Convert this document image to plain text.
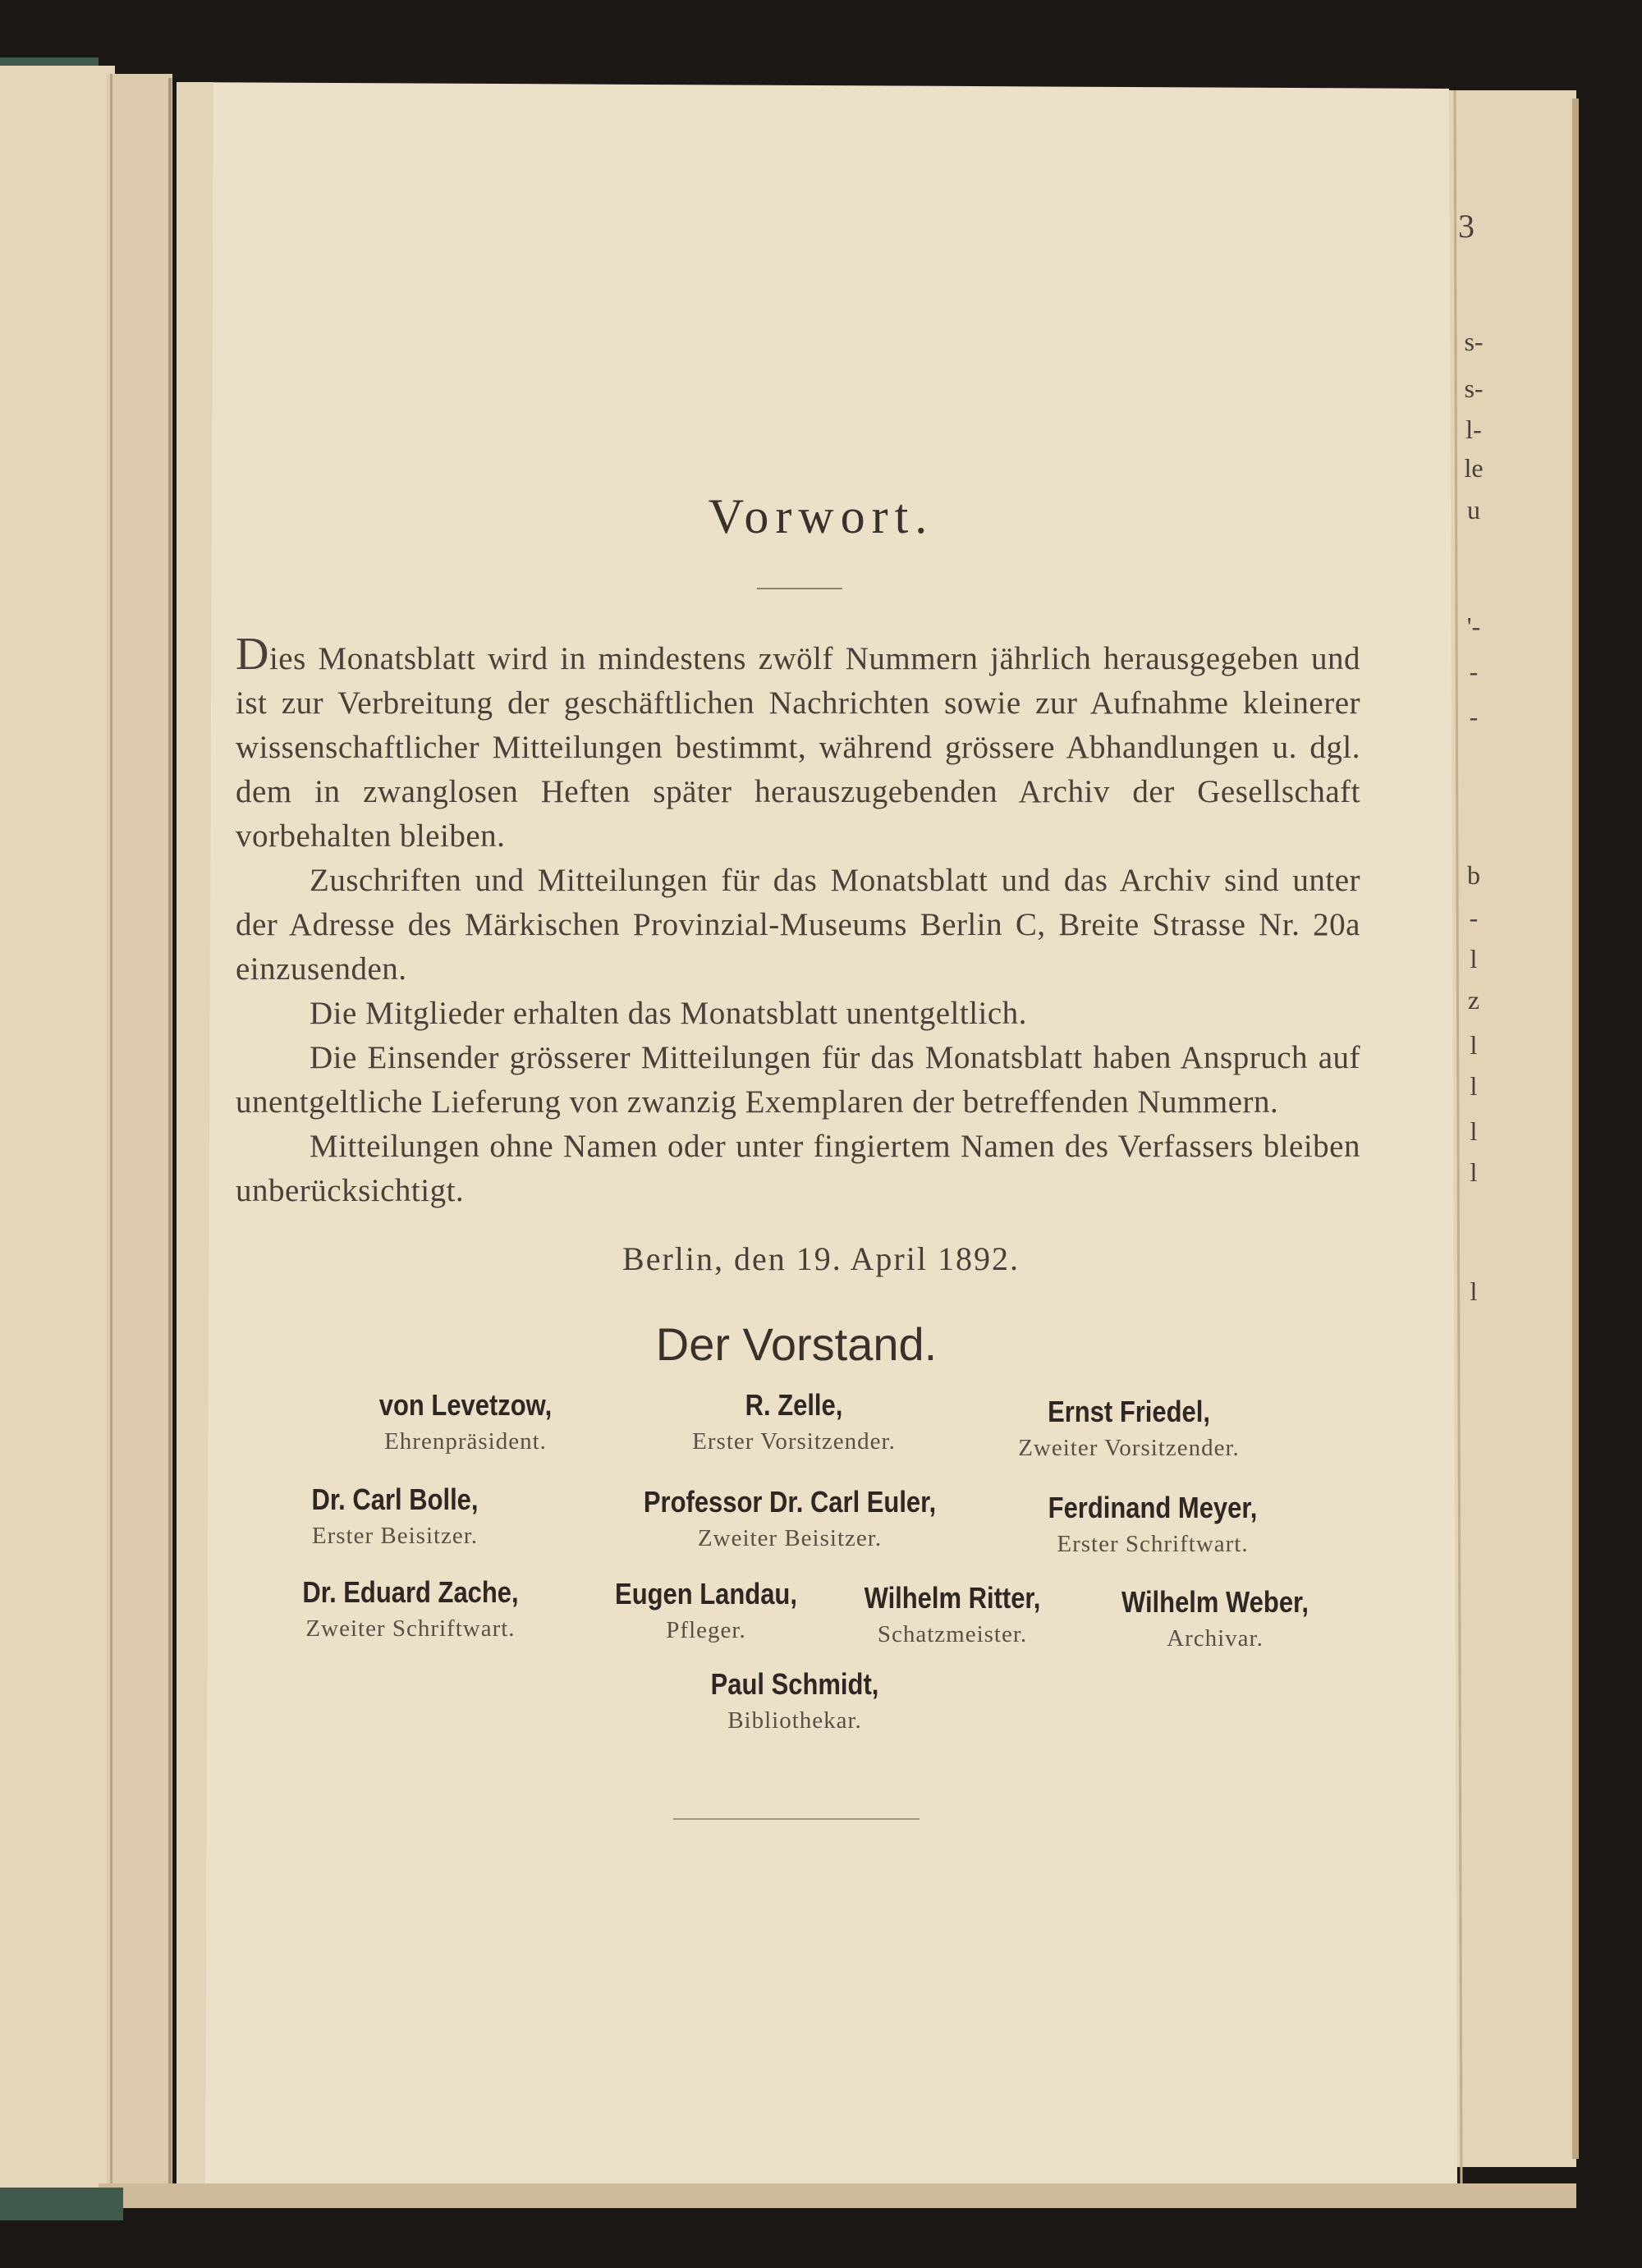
3
Vorwort.

Dies Monatsblatt wird in mindestens zwölf Nummern jährlich herausgegeben und ist zur Verbreitung der geschäftlichen Nachrichten sowie zur Aufnahme kleinerer wissenschaftlicher Mitteilungen bestimmt, während grössere Abhandlungen u. dgl. dem in zwanglosen Heften später herauszugebenden Archiv der Gesellschaft vorbehalten bleiben.

Zuschriften und Mitteilungen für das Monatsblatt und das Archiv sind unter der Adresse des Märkischen Provinzial-Museums Berlin C, Breite Strasse Nr. 20a einzusenden.

Die Mitglieder erhalten das Monatsblatt unentgeltlich.

Die Einsender grösserer Mitteilungen für das Monatsblatt haben Anspruch auf unentgeltliche Lieferung von zwanzig Exemplaren der betreffenden Nummern.

Mitteilungen ohne Namen oder unter fingiertem Namen des Verfassers bleiben unberücksichtigt.

Berlin, den 19. April 1892.
Der Vorstand.
von Levetzow,
Ehrenpräsident.
R. Zelle,
Erster Vorsitzender.
Ernst Friedel,
Zweiter Vorsitzender.
Dr. Carl Bolle,
Erster Beisitzer.
Professor Dr. Carl Euler,
Zweiter Beisitzer.
Ferdinand Meyer,
Erster Schriftwart.
Dr. Eduard Zache,
Zweiter Schriftwart.
Eugen Landau,
Pfleger.
Wilhelm Ritter,
Schatzmeister.
Wilhelm Weber,
Archivar.
Paul Schmidt,
Bibliothekar.
s-
s-
l-
le
u
'-
-
-
b
-
l
z
l
l
l
l
l
